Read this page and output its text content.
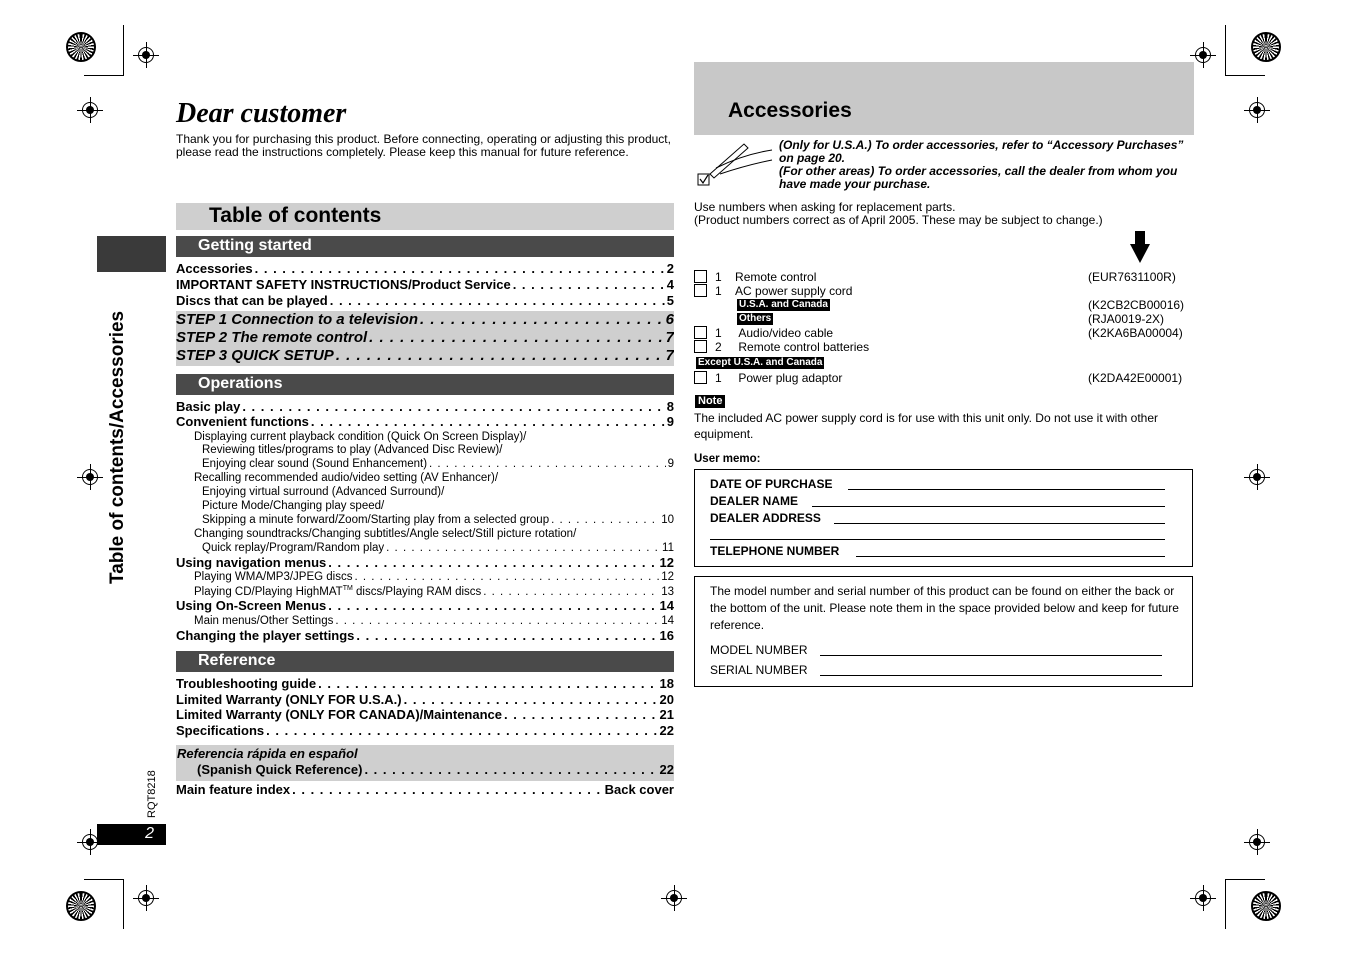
Table of contents/Accessories
RQT8218
2
Dear customer
Thank you for purchasing this product. Before connecting, operating or adjusting this product, please read the instructions completely. Please keep this manual for future reference.
Table of contents
Getting started
Accessories . . .	2
IMPORTANT SAFETY INSTRUCTIONS/Product Service . . .	4
Discs that can be played . . .	5
STEP 1 Connection to a television . . .	6
STEP 2 The remote control . . .	7
STEP 3 QUICK SETUP . . .	7
Operations
Basic play . . .	8
Convenient functions . . .	9
Displaying current playback condition (Quick On Screen Display)/
Reviewing titles/programs to play (Advanced Disc Review)/
Enjoying clear sound (Sound Enhancement) . . .	9
Recalling recommended audio/video setting (AV Enhancer)/
Enjoying virtual surround (Advanced Surround)/
Picture Mode/Changing play speed/
Skipping a minute forward/Zoom/Starting play from a selected group . . .	10
Changing soundtracks/Changing subtitles/Angle select/Still picture rotation/
Quick replay/Program/Random play . . .	11
Using navigation menus . . .	12
Playing WMA/MP3/JPEG discs . . .	12
Playing CD/Playing HighMAT™ discs/Playing RAM discs . . .	13
Using On-Screen Menus . . .	14
Main menus/Other Settings . . .	14
Changing the player settings . . .	16
Reference
Troubleshooting guide . . .	18
Limited Warranty (ONLY FOR U.S.A.) . . .	20
Limited Warranty (ONLY FOR CANADA)/Maintenance . . .	21
Specifications . . .	22
Referencia rápida en español
(Spanish Quick Reference) . . .	22
Main feature index . . .	Back cover
Accessories
(Only for U.S.A.) To order accessories, refer to “Accessory Purchases” on page 20.
(For other areas) To order accessories, call the dealer from whom you have made your purchase.
Use numbers when asking for replacement parts.
(Product numbers correct as of April 2005. These may be subject to change.)
1 Remote control	(EUR7631100R)
1 AC power supply cord
U.S.A. and Canada	(K2CB2CB00016)
Others	(RJA0019-2X)
1 Audio/video cable	(K2KA6BA00004)
2 Remote control batteries
Except U.S.A. and Canada
1 Power plug adaptor	(K2DA42E00001)
Note
The included AC power supply cord is for use with this unit only. Do not use it with other equipment.
User memo:
DATE OF PURCHASE
DEALER NAME
DEALER ADDRESS
TELEPHONE NUMBER
The model number and serial number of this product can be found on either the back or the bottom of the unit. Please note them in the space provided below and keep for future reference.
MODEL NUMBER
SERIAL NUMBER
